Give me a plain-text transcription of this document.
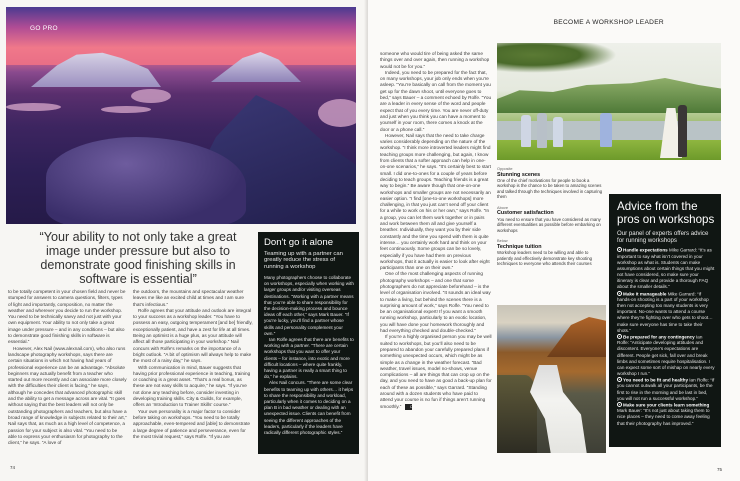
GO PRO
“Your ability to not only take a great image under pressure but also to demonstrate good finishing skills in software is essential”

to be totally competent in your chosen field and never be stumped for answers to camera questions, filters, types of light and importantly, composition, no matter the weather and wherever you decide to run the workshop. You need to be technically savvy and not just with your own equipment. Your ability to not only take a great image under pressure – and in any conditions – but also to demonstrate good finishing skills in software is essential.”

However, Alex Nail (www.alexnail.com), who also runs landscape photography workshops, says there are certain situations in which not having had years of professional experience can be an advantage. “Absolute beginners may actually benefit from a teacher who started out more recently and can associate more closely with the difficulties their client is facing,” he says, although he concedes that advanced photographic skill and the ability to get a message across are vital. “It goes without saying that the best leaders will not only be outstanding photographers and teachers, but also have a broad range of knowledge in subjects related to their art,” Nail says that, as much as a high level of competence, a passion for your subject is also vital. “You need to be able to express your enthusiasm for photography to the client,” he says. “A love of

the outdoors, the mountains and spectacular weather leaves me like an excited child at times and I am sure that’s infectious.”

Rolfe agrees that your attitude and outlook are integral to your success as a workshop leader. “You have to possess an easy, outgoing temperament [and be] friendly, exceptionally patient, and have a zest for life at all times. Being an optimist is a huge plus, as your attitude will affect all those participating in your workshop.” Nail concurs with Rolfe’s remarks on the importance of a bright outlook. “A bit of optimism will always help to make the most of a rainy day,” he says.

With communication in mind, Bauer suggests that having prior professional experience in teaching, training or coaching is a great asset. “That’s a real bonus, as these are not easy skills to acquire,” he says. “If you’ve not done any teaching before, consider investing in developing training skills. City & Guilds, for example, offers an ‘Introduction to Trainer Skills’ course.”

Your own personality is a major factor to consider before taking on workshops. “You need to be totally approachable, even-tempered and [able] to demonstrate a large degree of patience and perseverance, even for the most trivial request,” says Rolfe. “If you are

Don't go it alone
Teaming up with a partner can greatly reduce the stress of running a workshop

Many photographers choose to collaborate on workshops, especially when working with larger groups and/or visiting overseas destinations. “Working with a partner means that you’re able to share responsibility for the decision-making process and bounce ideas off each other,” says Mark Bauer. “If you’re lucky, you’ll find a partner whose skills and personality complement your own.”

Ian Rolfe agrees that there are benefits to working with a partner. “There are certain workshops that you want to offer your clients – for instance, into exotic and more difficult locations – where quite frankly, having a partner is really a smart thing to do,” he explains.

Alex Nail concurs. “There are some clear benefits to teaming up with others… it helps to share the responsibility and workload, particularly when it comes to deciding on a plan B in bad weather or dealing with an unexpected issue. Clients can benefit from seeing the different approaches of the leaders, particularly if the leaders have radically different photographic styles.”

74
BECOME A WORKSHOP LEADER

someone who would tire of being asked the same things over and over again, then running a workshop would not be for you.”

Indeed, you need to be prepared for the fact that, on many workshops, your job only ends when you’re asleep. “You’re basically on call from the moment you get up for the dawn shoot, until everyone goes to bed,” says Bauer – a comment echoed by Rolfe. “You are a leader in every sense of the word and people expect that of you every time. You are never off-duty and just when you think you can have a moment to yourself in your room, there comes a knock at the door or a phone call.”

However, Nail says that the need to take charge varies considerably depending on the nature of the workshop. “I think more introverted leaders might find teaching groups more challenging, but again, I know from clients that a softer approach can help in one-on-one scenarios,” he says. “It’s certainly best to start small. I did one-to-ones for a couple of years before deciding to teach groups. Teaching friends is a great way to begin.” Be aware though that one-on-one workshops and smaller groups are not necessarily an easier option. “I find [one-to-one workshops] more challenging, in that you just can’t send off your client for a while to work on his or her own,” says Rolfe. “In a group, you can let them work together or in pairs and work between them all and give yourself a breather. Individually, they want you by their side constantly and the time you spend with them is quite intense… you certainly work hard and think on your feet continuously. Some groups can be so lovely, especially if you have had them on previous workshops, that it actually is easier to look after eight participants than one on their own.”

One of the most challenging aspects of running photography workshops – and one that some photographers do not appreciate beforehand – is the level of organisation involved. “It sounds an ideal way to make a living, but behind the scenes there is a surprising amount of work,” says Rolfe. “You need to be an organisational expert! If you want a smooth running workshop, particularly to an exotic location, you will have done your homework thoroughly and had everything checked and double-checked.”

If you’re a highly organised person you may be well suited to workshops, but you’ll also need to be prepared to abandon your carefully prepared plans if something unexpected occurs, which might be as simple as a change in the weather forecast. “Bad weather, travel issues, model no-shows, venue complications – all are things that can crop up on the day, and you need to have as good a back-up plan for each of these as possible,” says Garrard. “Standing around with a dozen students who have paid to attend your course is no fun if things aren’t running smoothly.”	DP

Opposite
Stunning scenes
One of the chief motivations for people to book a workshop is the chance to be taken to amazing scenes and talked through the techniques involved in capturing them
Above
Customer satisfaction
You need to ensure that you have considered as many different eventualities as possible before embarking on workshops
Below
Technique tuition
Workshop leaders need to be willing and able to patiently and effectively demonstrate key shooting techniques to everyone who attends their courses
Advice from the pros on workshops
Our panel of experts offers advice for running workshops
Handle expectations Mike Garrard: “It’s as important to say what isn’t covered in your workshop as what is. Students can make assumptions about certain things that you might not have considered, so make sure your itinerary is clear and provide a thorough FAQ about the smaller details.”
Make it manageable Mike Garrard: “If hands-on shooting is a part of your workshop then not accepting too many students is very important. No-one wants to attend a course where they’re fighting over who gets to shoot… make sure everyone has time to take their shots.”
Be prepared for any contingency Ian Rolfe: “Anticipate developing attitudes and discontent. Everyone’s expectations are different. People get sick, fall over and break limbs and sometimes require hospitalisation. I can expect some sort of mishap on nearly every workshop I run.”
You need to be fit and healthy Ian Rolfe: “If you cannot outwalk all your participants, be the first to rise in the morning and be last in bed, you will not run a successful workshop.”
Make sure your clients learn something Mark Bauer: “It’s not just about taking them to nice places – they need to come away feeling that their photography has improved.”
75
